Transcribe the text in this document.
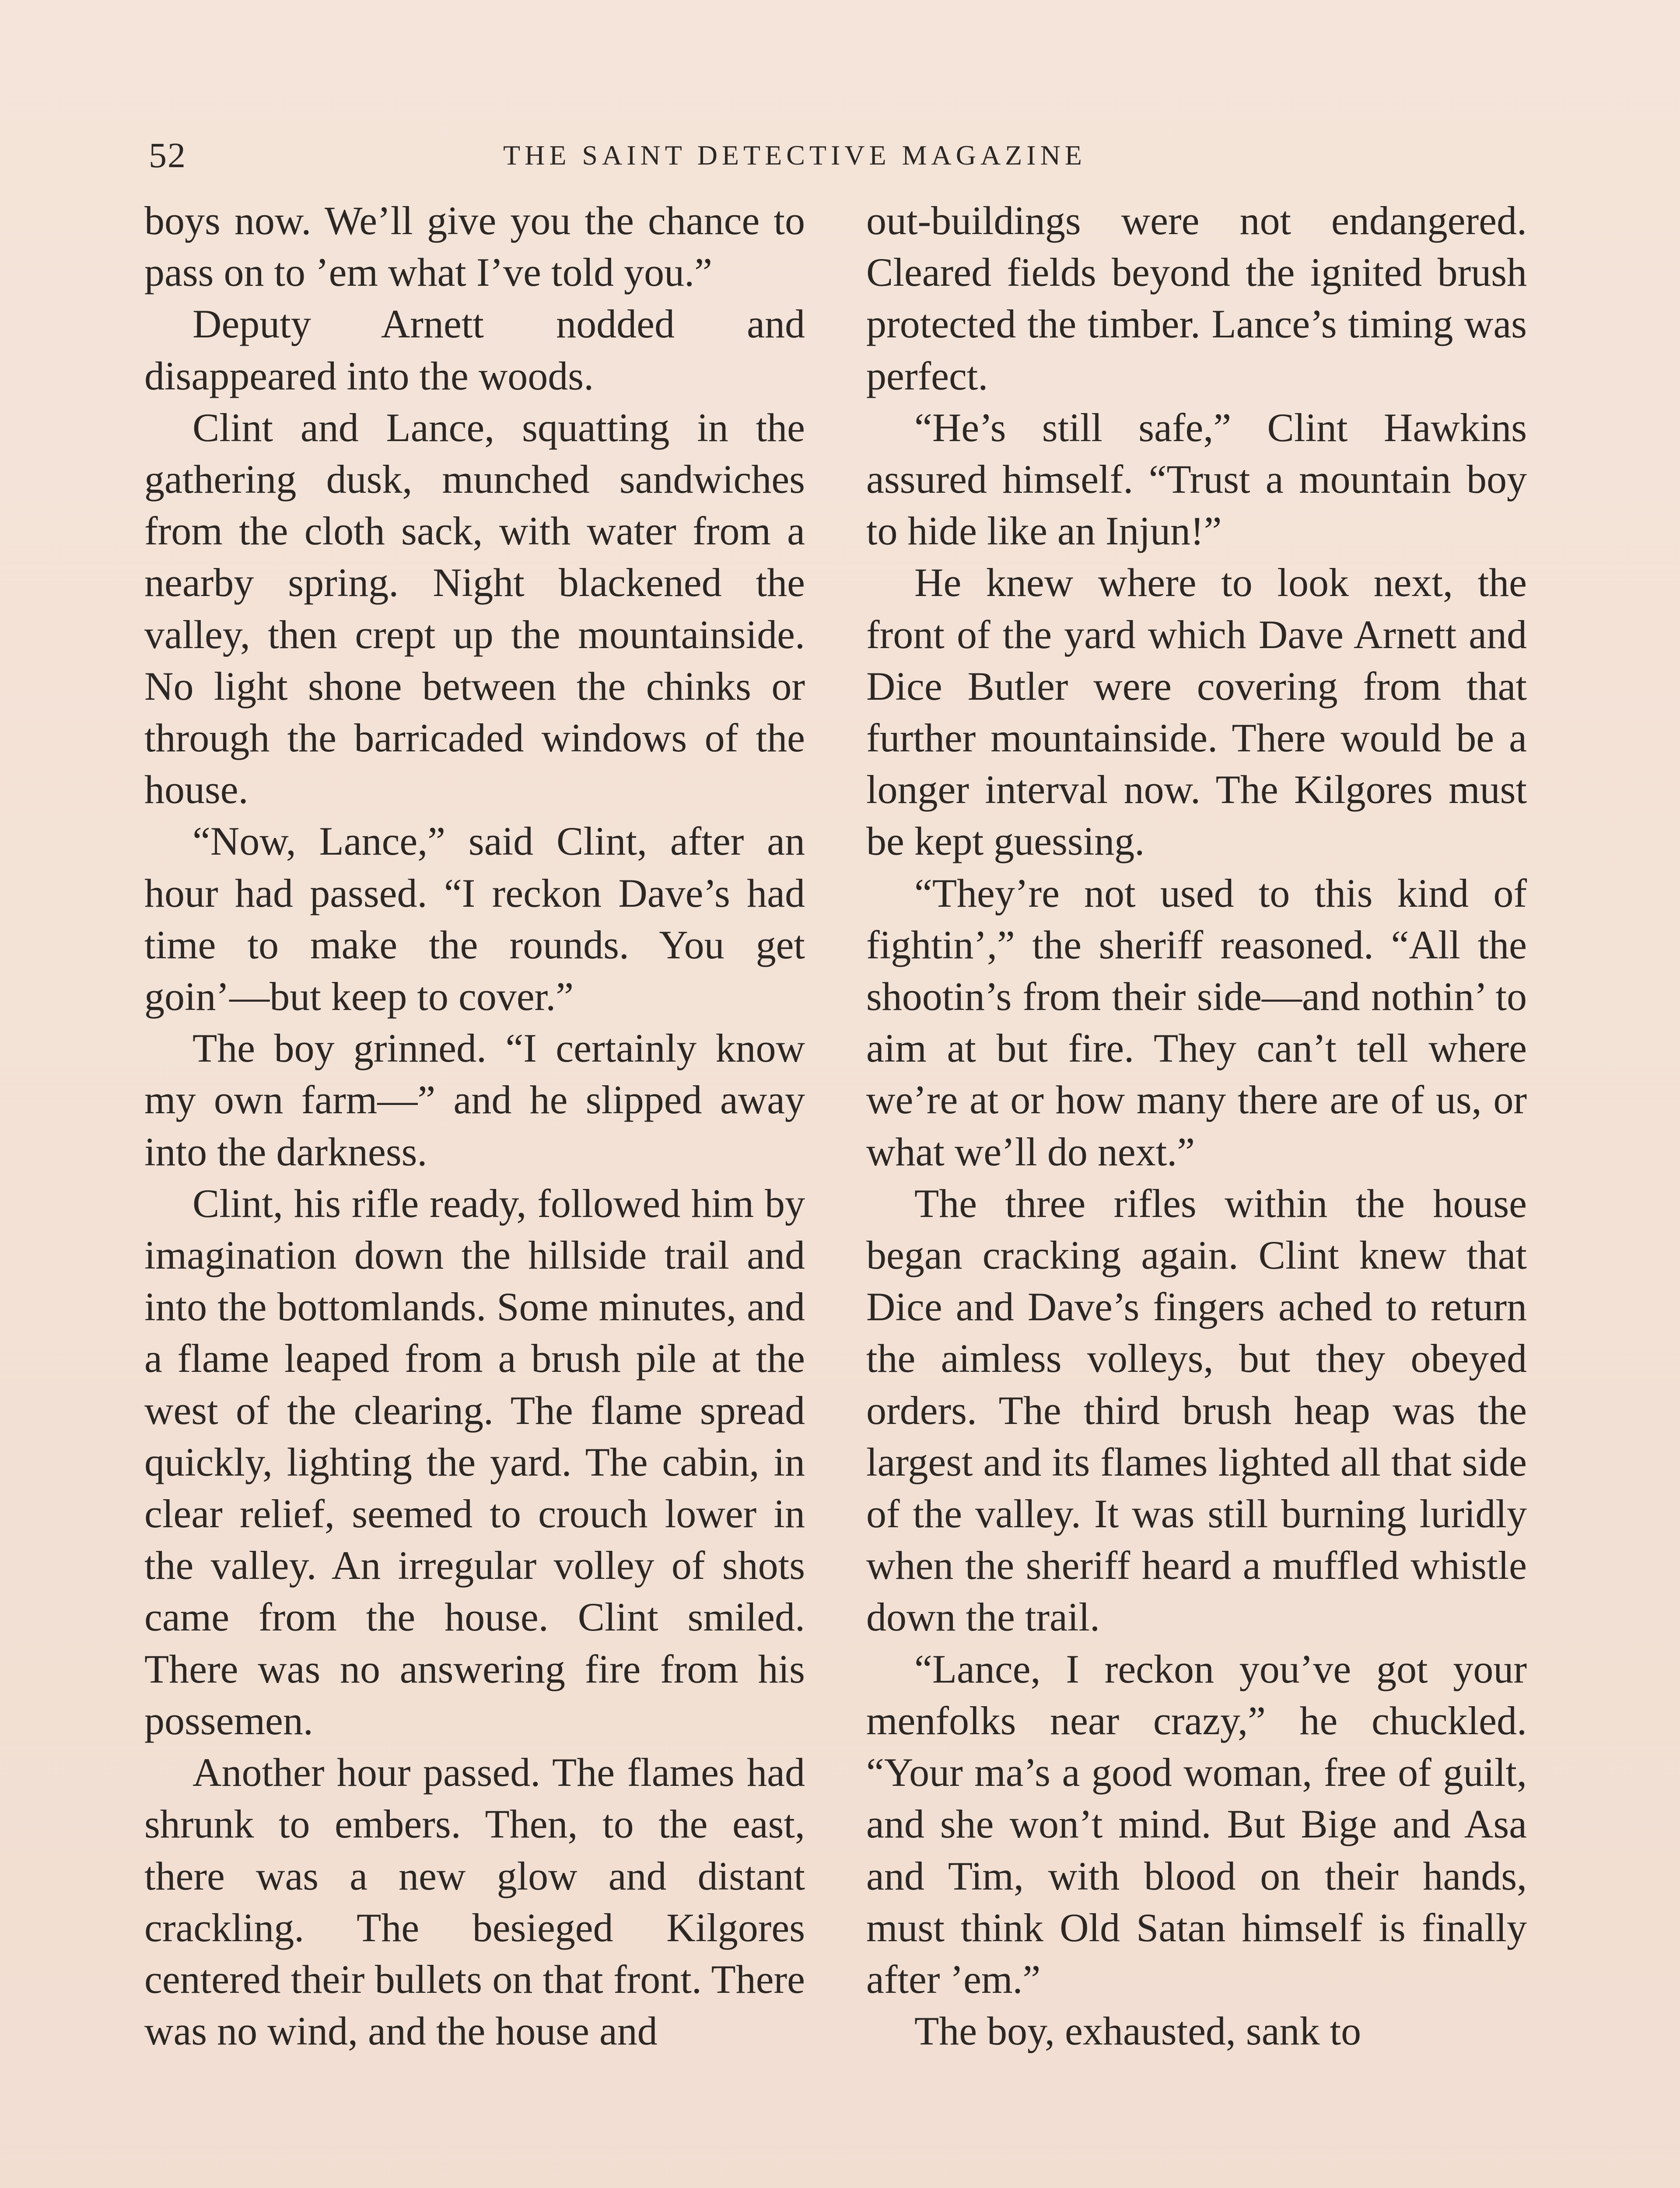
52	THE SAINT DETECTIVE MAGAZINE

boys now. We’ll give you the chance to pass on to ’em what I’ve told you.”

Deputy Arnett nodded and disappeared into the woods.

Clint and Lance, squatting in the gathering dusk, munched sandwiches from the cloth sack, with water from a nearby spring. Night blackened the valley, then crept up the mountainside. No light shone between the chinks or through the barricaded windows of the house.

“Now, Lance,” said Clint, after an hour had passed. “I reckon Dave’s had time to make the rounds. You get goin’—but keep to cover.”

The boy grinned. “I certainly know my own farm—” and he slipped away into the darkness.

Clint, his rifle ready, followed him by imagination down the hillside trail and into the bottomlands. Some minutes, and a flame leaped from a brush pile at the west of the clearing. The flame spread quickly, lighting the yard. The cabin, in clear relief, seemed to crouch lower in the valley. An irregular volley of shots came from the house. Clint smiled. There was no answering fire from his possemen.

Another hour passed. The flames had shrunk to embers. Then, to the east, there was a new glow and distant crackling. The besieged Kilgores centered their bullets on that front. There was no wind, and the house and

out-buildings were not endangered. Cleared fields beyond the ignited brush protected the timber. Lance’s timing was perfect.

“He’s still safe,” Clint Hawkins assured himself. “Trust a mountain boy to hide like an Injun!”

He knew where to look next, the front of the yard which Dave Arnett and Dice Butler were covering from that further mountainside. There would be a longer interval now. The Kilgores must be kept guessing.

“They’re not used to this kind of fightin’,” the sheriff reasoned. “All the shootin’s from their side—and nothin’ to aim at but fire. They can’t tell where we’re at or how many there are of us, or what we’ll do next.”

The three rifles within the house began cracking again. Clint knew that Dice and Dave’s fingers ached to return the aimless volleys, but they obeyed orders. The third brush heap was the largest and its flames lighted all that side of the valley. It was still burning luridly when the sheriff heard a muffled whistle down the trail.

“Lance, I reckon you’ve got your menfolks near crazy,” he chuckled. “Your ma’s a good woman, free of guilt, and she won’t mind. But Bige and Asa and Tim, with blood on their hands, must think Old Satan himself is finally after ’em.”

The boy, exhausted, sank to
